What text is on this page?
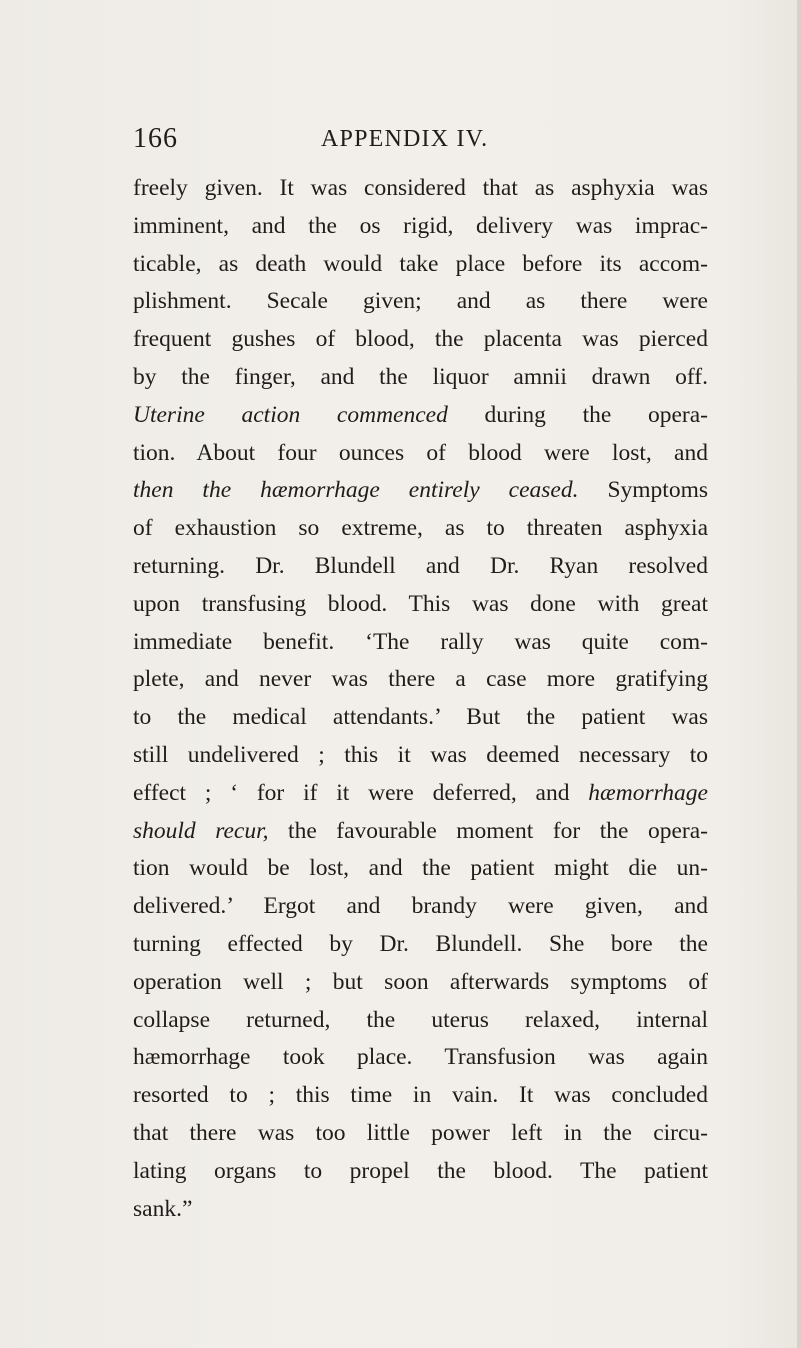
166	APPENDIX IV.
freely given. It was considered that as asphyxia was
imminent, and the os rigid, delivery was imprac-
ticable, as death would take place before its accom-
plishment. Secale given; and as there were
frequent gushes of blood, the placenta was pierced
by the finger, and the liquor amnii drawn off.
Uterine action commenced during the opera-
tion. About four ounces of blood were lost, and
then the hæmorrhage entirely ceased. Symptoms
of exhaustion so extreme, as to threaten asphyxia
returning. Dr. Blundell and Dr. Ryan resolved
upon transfusing blood. This was done with great
immediate benefit. ‘The rally was quite com-
plete, and never was there a case more gratifying
to the medical attendants.’ But the patient was
still undelivered ; this it was deemed necessary to
effect ; ‘ for if it were deferred, and hæmorrhage
should recur, the favourable moment for the opera-
tion would be lost, and the patient might die un-
delivered.’ Ergot and brandy were given, and
turning effected by Dr. Blundell. She bore the
operation well ; but soon afterwards symptoms of
collapse returned, the uterus relaxed, internal
hæmorrhage took place. Transfusion was again
resorted to ; this time in vain. It was concluded
that there was too little power left in the circu-
lating organs to propel the blood. The patient
sank.”
